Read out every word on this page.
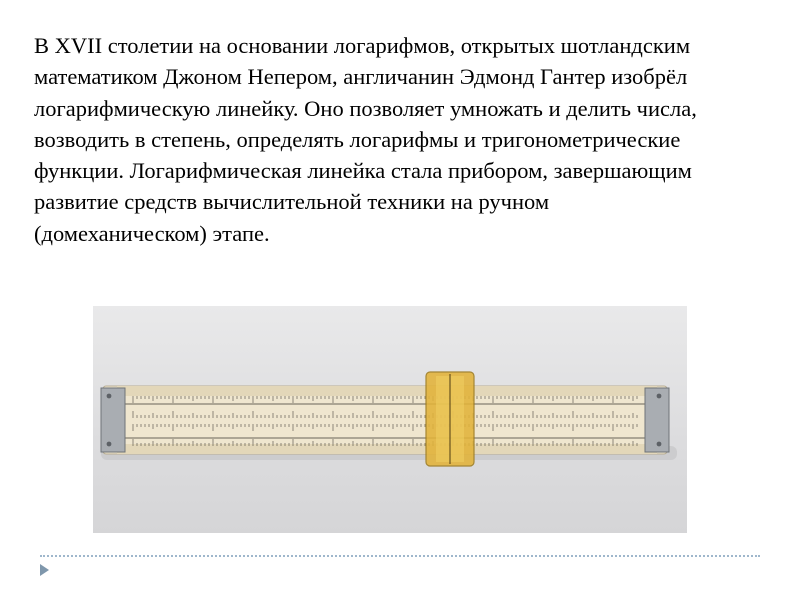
В XVII столетии на основании логарифмов, открытых шотландским математиком Джоном Непером, англичанин Эдмонд Гантер изобрёл логарифмическую линейку. Оно позволяет умножать и делить числа, возводить в степень, определять логарифмы и тригонометрические функции. Логарифмическая линейка стала прибором, завершающим развитие средств вычислительной техники на ручном (домеханическом) этапе.
